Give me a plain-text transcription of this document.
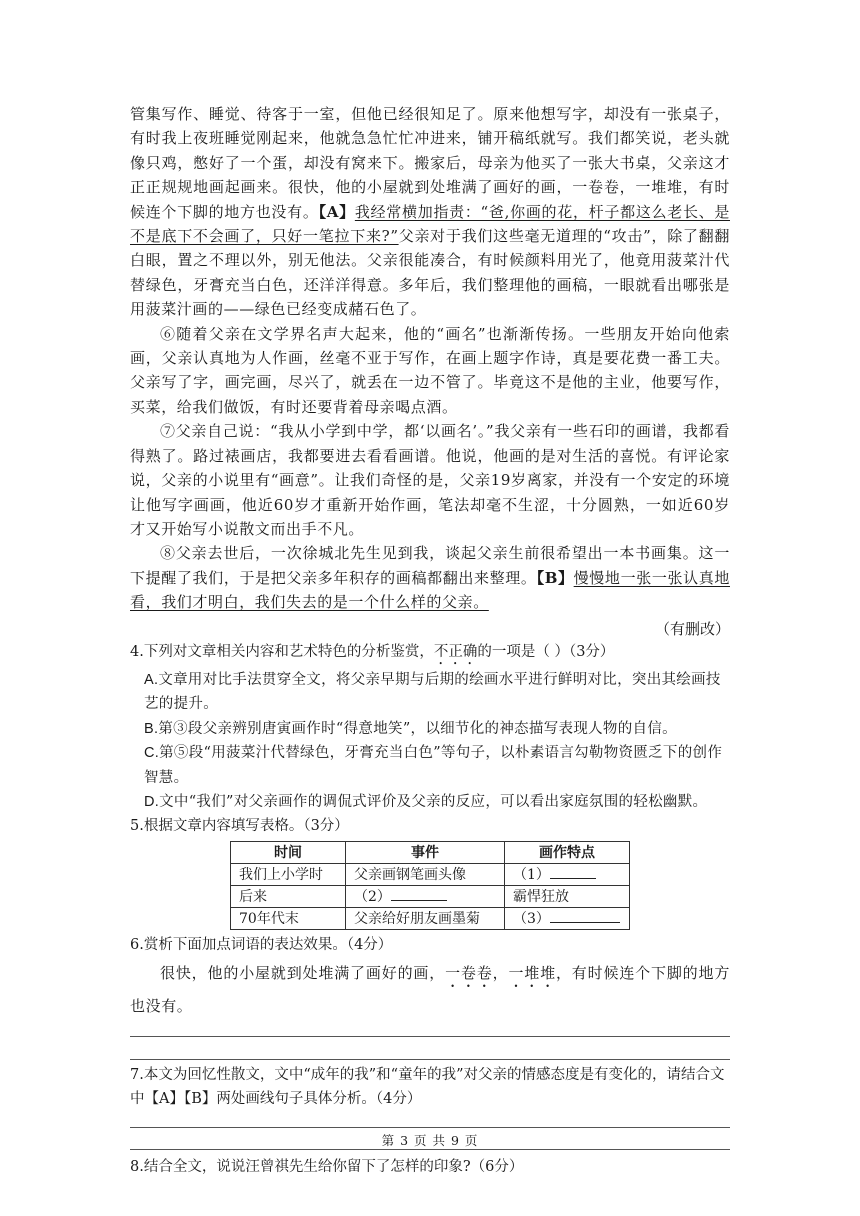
管集写作、睡觉、待客于一室，但他已经很知足了。原来他想写字，却没有一张桌子，有时我上夜班睡觉刚起来，他就急急忙忙冲进来，铺开稿纸就写。我们都笑说，老头就像只鸡，憋好了一个蛋，却没有窝来下。搬家后，母亲为他买了一张大书桌，父亲这才正正规规地画起画来。很快，他的小屋就到处堆满了画好的画，一卷卷，一堆堆，有时候连个下脚的地方也没有。【A】我经常横加指责：“爸,你画的花，杆子都这么老长、是不是底下不会画了，只好一笔拉下来?”父亲对于我们这些毫无道理的“攻击”，除了翻翻白眼，置之不理以外，别无他法。父亲很能凑合，有时候颜料用光了，他竟用菠菜汁代替绿色，牙膏充当白色，还洋洋得意。多年后，我们整理他的画稿，一眼就看出哪张是用菠菜汁画的——绿色已经变成赭石色了。

⑥随着父亲在文学界名声大起来，他的“画名”也渐渐传扬。一些朋友开始向他索画，父亲认真地为人作画，丝毫不亚于写作，在画上题字作诗，真是要花费一番工夫。父亲写了字，画完画，尽兴了，就丢在一边不管了。毕竟这不是他的主业，他要写作，买菜，给我们做饭，有时还要背着母亲喝点酒。

⑦父亲自己说：“我从小学到中学，都‘以画名’。”我父亲有一些石印的画谱，我都看得熟了。路过裱画店，我都要进去看看画谱。他说，他画的是对生活的喜悦。有评论家说，父亲的小说里有“画意”。让我们奇怪的是，父亲19岁离家，并没有一个安定的环境让他写字画画，他近60岁才重新开始作画，笔法却毫不生涩，十分圆熟，一如近60岁才又开始写小说散文而出手不凡。

⑧父亲去世后，一次徐城北先生见到我，谈起父亲生前很希望出一本书画集。这一下提醒了我们，于是把父亲多年积存的画稿都翻出来整理。【B】慢慢地一张一张认真地看，我们才明白，我们失去的是一个什么样的父亲。

（有删改）

4.下列对文章相关内容和艺术特色的分析鉴赏，不正确的一项是（ ）（3分）

A.文章用对比手法贯穿全文，将父亲早期与后期的绘画水平进行鲜明对比，突出其绘画技艺的提升。

B.第③段父亲辨别唐寅画作时“得意地笑”，以细节化的神态描写表现人物的自信。

C.第⑤段“用菠菜汁代替绿色，牙膏充当白色”等句子，以朴素语言勾勒物资匮乏下的创作智慧。

D.文中“我们”对父亲画作的调侃式评价及父亲的反应，可以看出家庭氛围的轻松幽默。

5.根据文章内容填写表格。（3分）

时间	事件	画作特点
我们上小学时	父亲画钢笔画头像	（1）
后来	（2）	霸悍狂放
70年代末	父亲给好朋友画墨菊	（3）

6.赏析下面加点词语的表达效果。（4分）

很快，他的小屋就到处堆满了画好的画，一卷卷，一堆堆，有时候连个下脚的地方也没有。

7.本文为回忆性散文，文中“成年的我”和“童年的我”对父亲的情感态度是有变化的，请结合文中【A】【B】两处画线句子具体分析。（4分）

8.结合全文，说说汪曾祺先生给你留下了怎样的印象?（6分）

第 3 页 共 9 页
